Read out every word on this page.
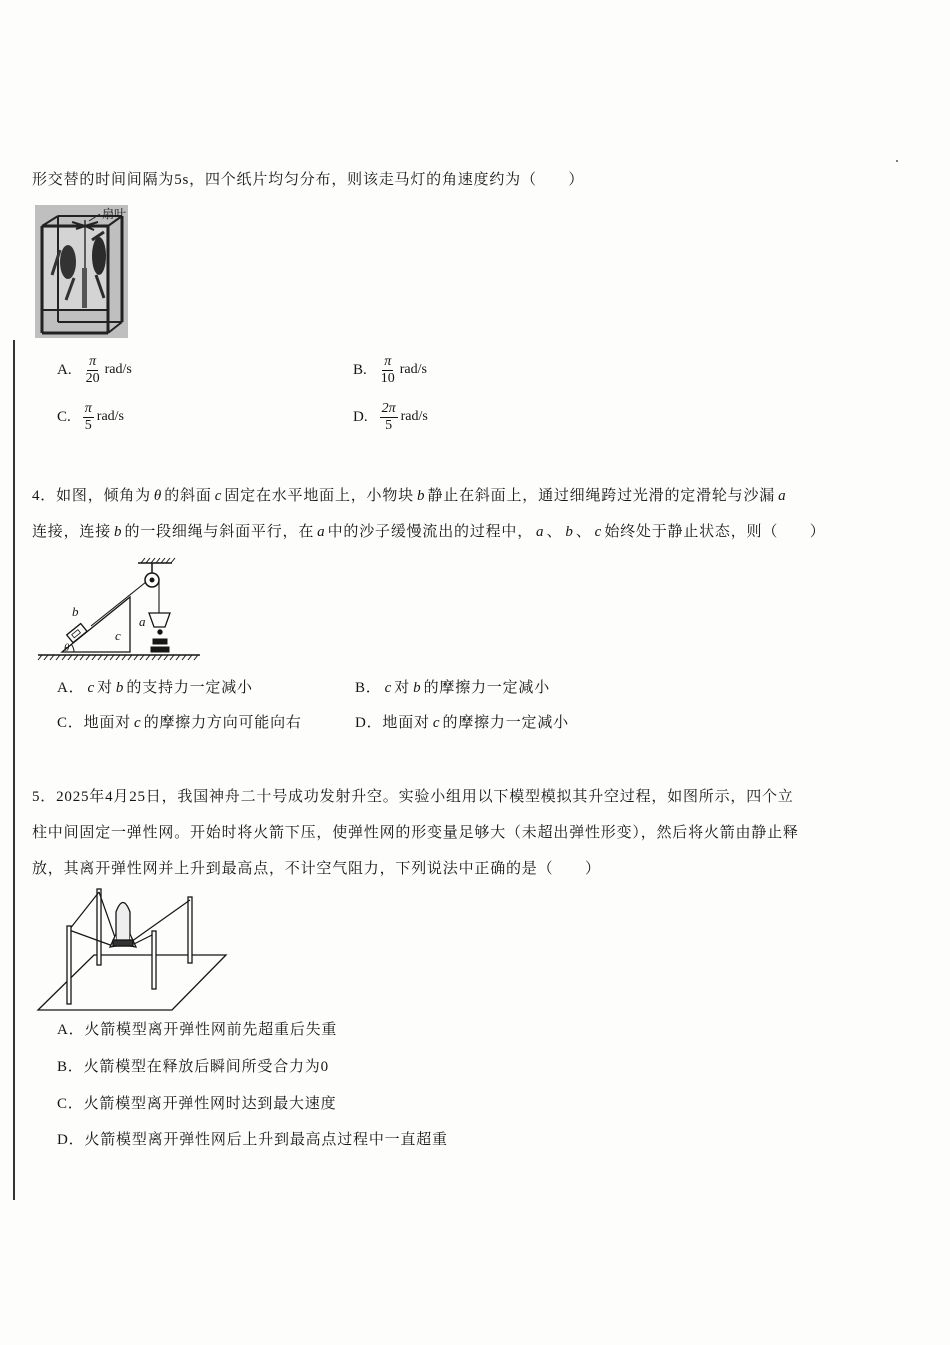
扇叶
b
c
a
θ
形交替的时间间隔为5s，四个纸片均匀分布，则该走马灯的角速度约为（　　）
A. $\frac{\pi}{20} rad/s$	B. $\frac{\pi}{10} rad/s$
C. $\frac{\pi}{5} rad/s$	D. $\frac{2\pi}{5} rad/s$
4．如图，倾角为 θ 的斜面 c 固定在水平地面上，小物块 b 静止在斜面上，通过细绳跨过光滑的定滑轮与沙漏 a
连接，连接 b 的一段细绳与斜面平行，在 a 中的沙子缓慢流出的过程中， a 、 b 、 c 始终处于静止状态，则（　　）
A． c 对 b 的支持力一定减小	B． c 对 b 的摩擦力一定减小
C．地面对 c 的摩擦力方向可能向右	D．地面对 c 的摩擦力一定减小
5．2025年4月25日，我国神舟二十号成功发射升空。实验小组用以下模型模拟其升空过程，如图所示，四个立
柱中间固定一弹性网。开始时将火箭下压，使弹性网的形变量足够大（未超出弹性形变），然后将火箭由静止释
放，其离开弹性网并上升到最高点，不计空气阻力，下列说法中正确的是（　　）
A．火箭模型离开弹性网前先超重后失重
B．火箭模型在释放后瞬间所受合力为0
C．火箭模型离开弹性网时达到最大速度
D．火箭模型离开弹性网后上升到最高点过程中一直超重
